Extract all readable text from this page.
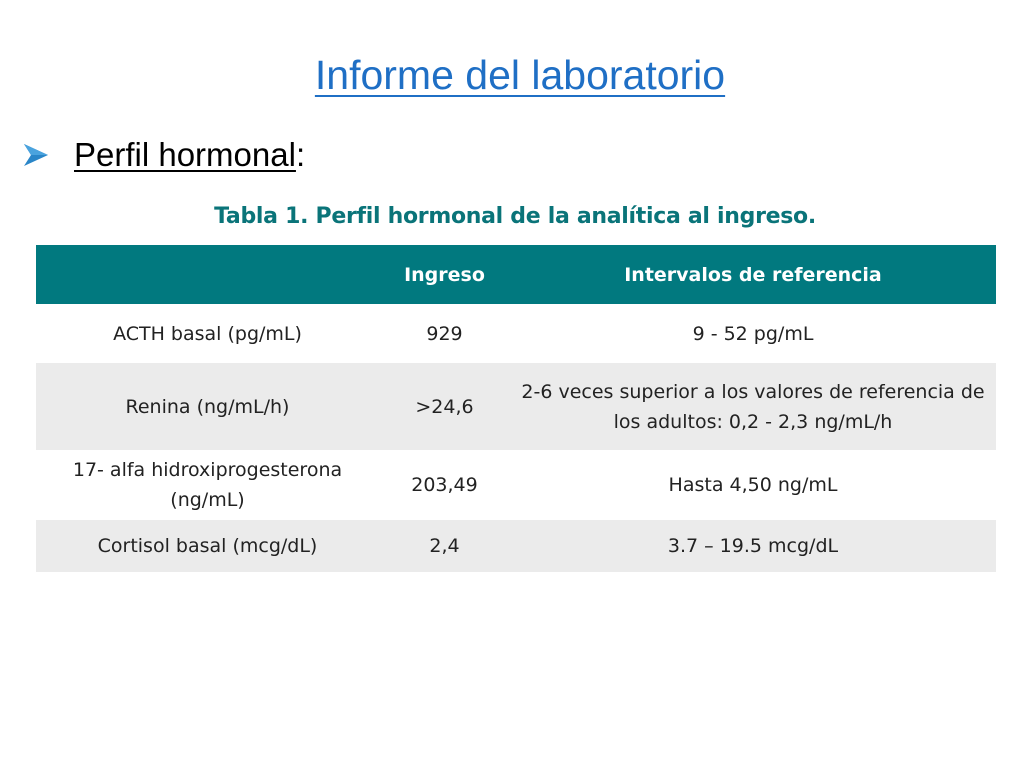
Informe del laboratorio
Perfil hormonal:
Tabla 1. Perfil hormonal de la analítica al ingreso.
	Ingreso	Intervalos de referencia
ACTH basal (pg/mL)	929	9 - 52 pg/mL
Renina (ng/mL/h)	>24,6	2-6 veces superior a los valores de referencia de los adultos: 0,2 - 2,3 ng/mL/h
17- alfa hidroxiprogesterona (ng/mL)	203,49	Hasta 4,50 ng/mL
Cortisol basal (mcg/dL)	2,4	3.7 – 19.5 mcg/dL
